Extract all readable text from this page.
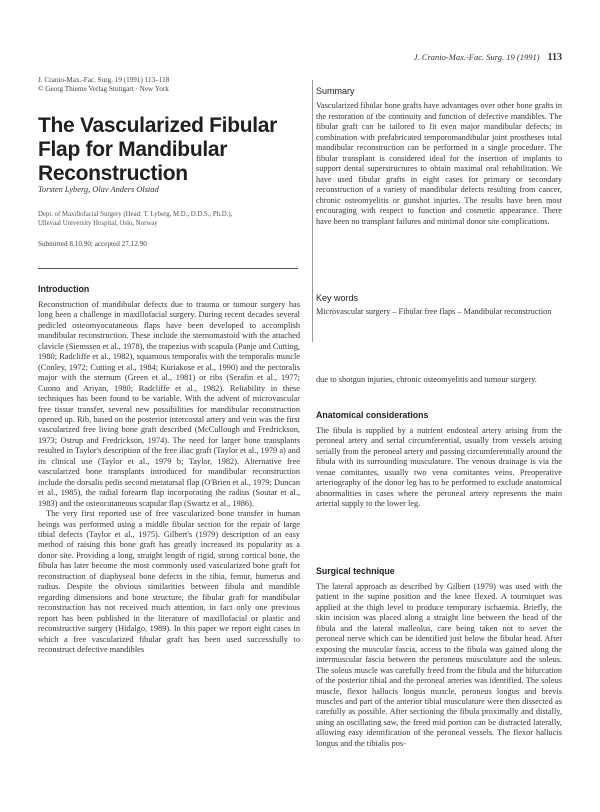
J. Cranio-Max.-Fac. Surg. 19 (1991) 113
J. Cranio-Max.-Fac. Surg. 19 (1991) 113–118
© Georg Thieme Verlag Stuttgart · New York
The Vascularized Fibular Flap for Mandibular Reconstruction
Torsten Lyberg, Olav Anders Olstad
Dept. of Maxillofacial Surgery (Head: T. Lyberg, M.D., D.D.S., Ph.D.),
Ullevaal University Hospital, Oslo, Norway
Submitted 8.10.90; accepted 27.12.90
Introduction

Reconstruction of mandibular defects due to trauma or tumour surgery has long been a challenge in maxillofacial surgery. During recent decades several pedicled osteomyocutaneous flaps have been developed to accomplish mandibular reconstruction. These include the sternomastoid with the attached clavicle (Siemssen et al., 1978), the trapezius with scapula (Panje and Cutting, 1980; Radcliffe et al., 1982), squamous temporalis with the temporalis muscle (Conley, 1972; Cutting et al., 1984; Kuriakose et al., 1990) and the pectoralis major with the sternum (Green et al., 1981) or ribs (Serafin et al., 1977; Cuono and Ariyan, 1980; Radcliffe et al., 1982). Reliability in these techniques has been found to be variable. With the advent of microvascular free tissue transfer, several new possibilities for mandibular reconstruction opened up. Rib, based on the posterior intercostal artery and vein was the first vascularized free living bone graft described (McCullough and Fredrickson, 1973; Ostrup and Fredrickson, 1974). The need for larger bone transplants resulted in Taylor's description of the free iliac graft (Taylor et al., 1979 a) and its clinical use (Taylor et al., 1979 b; Taylor, 1982). Alternative free vascularized bone transplants introduced for mandibular reconstruction include the dorsalis pedis second metatarsal flap (O'Brien et al., 1979; Duncan et al., 1985), the radial forearm flap incorporating the radius (Soutar et al., 1983) and the osteocutaneous scapular flap (Swartz et al., 1986).

The very first reported use of free vascularized bone transfer in human beings was performed using a middle fibular section for the repair of large tibial defects (Taylor et al., 1975). Gilbert's (1979) description of an easy method of raising this bone graft has greatly increased its popularity as a donor site. Providing a long, straight length of rigid, strong cortical bone, the fibula has later become the most commonly used vascularized bone graft for reconstruction of diaphyseal bone defects in the tibia, femur, humerus and radius. Despite the obvious similarities between fibula and mandible regarding dimensions and bone structure, the fibular graft for mandibular reconstruction has not received much attention, in fact only one previous report has been published in the literature of maxillofacial or plastic and reconstructive surgery (Hidalgo, 1989). In this paper we report eight cases in which a free vascularized fibular graft has been used successfully to reconstruct defective mandibles

Summary

Vascularized fibular bone grafts have advantages over other bone grafts in the restoration of the continuity and function of defective mandibles. The fibular graft can be tailored to fit even major mandibular defects; in combination with prefabricated temporomandibular joint prostheses total mandibular reconstruction can be performed in a single procedure. The fibular transplant is considered ideal for the insertion of implants to support dental superstructures to obtain maximal oral rehabilitation. We have used fibular grafts in eight cases for primary or secondary reconstruction of a variety of mandibular defects resulting from cancer, chronic osteomyelitis or gunshot injuries. The results have been most encouraging with respect to function and cosmetic appearance. There have been no transplant failures and minimal donor site complications.

Key words

Microvascular surgery – Fibular free flaps – Mandibular reconstruction

due to shotgun injuries, chronic osteomyelitis and tumour surgery.

Anatomical considerations

The fibula is supplied by a nutrient endosteal artery arising from the peroneal artery and serial circumferential, usually from vessels arising serially from the peroneal artery and passing circumferentially around the fibula with its surrounding musculature. The venous drainage is via the venae comitantes, usually two vena comitantes veins. Preoperative arteriography of the donor leg has to be performed to exclude anatomical abnormalities in cases where the peroneal artery represents the main arterial supply to the lower leg.

Surgical technique

The lateral approach as described by Gilbert (1979) was used with the patient in the supine position and the knee flexed. A tourniquet was applied at the thigh level to produce temporary ischaemia. Briefly, the skin incision was placed along a straight line between the head of the fibula and the lateral malleolus, care being taken not to sever the peroneal nerve which can be identified just below the fibular head. After exposing the muscular fascia, access to the fibula was gained along the intermuscular fascia between the peroneus musculature and the soleus. The soleus muscle was carefully freed from the fibula and the bifurcation of the posterior tibial and the peroneal arteries was identified. The soleus muscle, flexor hallucis longus muscle, peroneus longus and brevis muscles and part of the anterior tibial musculature were then dissected as carefully as possible. After sectioning the fibula proximally and distally, using an oscillating saw, the freed mid portion can be distracted laterally, allowing easy identification of the peroneal vessels. The flexor hallucis longus and the tibialis pos-
